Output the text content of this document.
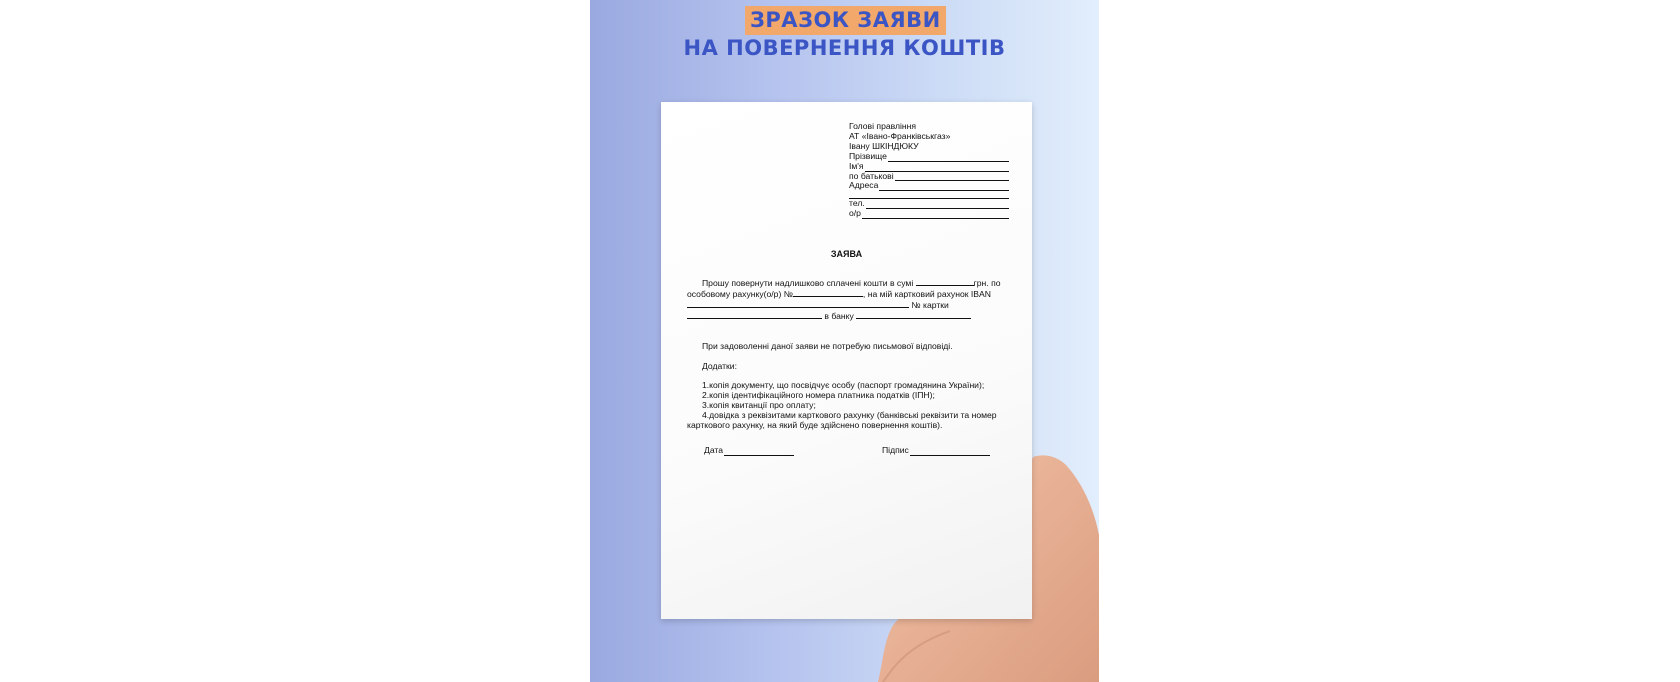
ЗРАЗОК ЗАЯВИ
НА ПОВЕРНЕННЯ КОШТІВ
Голові правління
АТ «Івано-Франківськгаз»
Івану ШКІНДЮКУ
Прізвище
Ім'я
по батькові
Адреса
тел.
о/р
ЗАЯВА

Прошу повернути надлишково сплачені кошти в сумі	грн. по особовому рахунку(о/р) №	, на мій картковий рахунок IBAN № картки  в банку

При задоволенні даної заяви не потребую письмової відповіді.

Додатки:

1.копія документу, що посвідчує особу (паспорт громадянина України);
2.копія ідентифікаційного номера платника податків (ІПН);
3.копія квитанції про оплату;
4.довідка з реквізитами карткового рахунку (банківські реквізити та номер
карткового рахунку, на який буде здійснено повернення коштів).
Дата	Підпис
